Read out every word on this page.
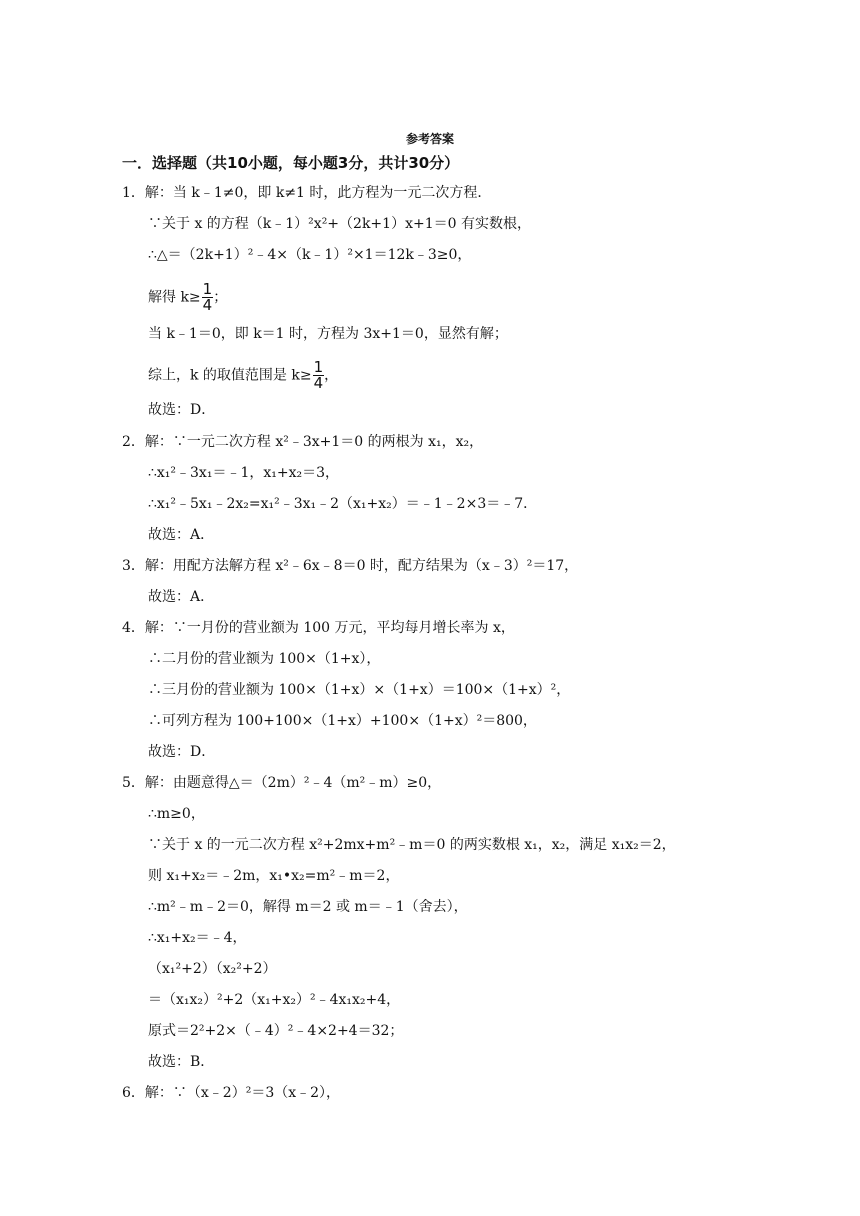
参考答案
一．选择题（共10小题，每小题3分，共计30分）
1．解：当 k﹣1≠0，即 k≠1 时，此方程为一元二次方程．
∵关于 x 的方程（k﹣1）²x²+（2k+1）x+1＝0 有实数根，
∴△＝（2k+1）²﹣4×（k﹣1）²×1＝12k﹣3≥0，
解得 $k\ge \frac{1}{4}$ ；
当 k﹣1＝0，即 k＝1 时，方程为 3x+1＝0，显然有解；
综上，k 的取值范围是 $k\ge \frac{1}{4}$ ，
故选：D．
2．解：∵一元二次方程 x²﹣3x+1＝0 的两根为 x₁，x₂，
∴x₁²﹣3x₁＝﹣1，x₁+x₂＝3，
∴x₁²﹣5x₁﹣2x₂=x₁²﹣3x₁﹣2（x₁+x₂）＝﹣1﹣2×3＝﹣7．
故选：A．
3．解：用配方法解方程 x²﹣6x﹣8＝0 时，配方结果为（x﹣3）²＝17，
故选：A．
4．解：∵一月份的营业额为 100 万元，平均每月增长率为 x，
∴二月份的营业额为 100×（1+x），
∴三月份的营业额为 100×（1+x）×（1+x）＝100×（1+x）²，
∴可列方程为 100+100×（1+x）+100×（1+x）²＝800，
故选：D．
5．解：由题意得△＝（2m）²﹣4（m²﹣m）≥0，
∴m≥0，
∵关于 x 的一元二次方程 x²+2mx+m²﹣m＝0 的两实数根 x₁，x₂，满足 x₁x₂＝2，
则 x₁+x₂＝﹣2m，x₁•x₂=m²﹣m＝2，
∴m²﹣m﹣2＝0，解得 m＝2 或 m＝﹣1（舍去），
∴x₁+x₂＝﹣4，
（x₁²+2）（x₂²+2）
＝（x₁x₂）²+2（x₁+x₂）²﹣4x₁x₂+4，
原式＝2²+2×（﹣4）²﹣4×2+4＝32；
故选：B．
6．解：∵（x﹣2）²＝3（x﹣2），
